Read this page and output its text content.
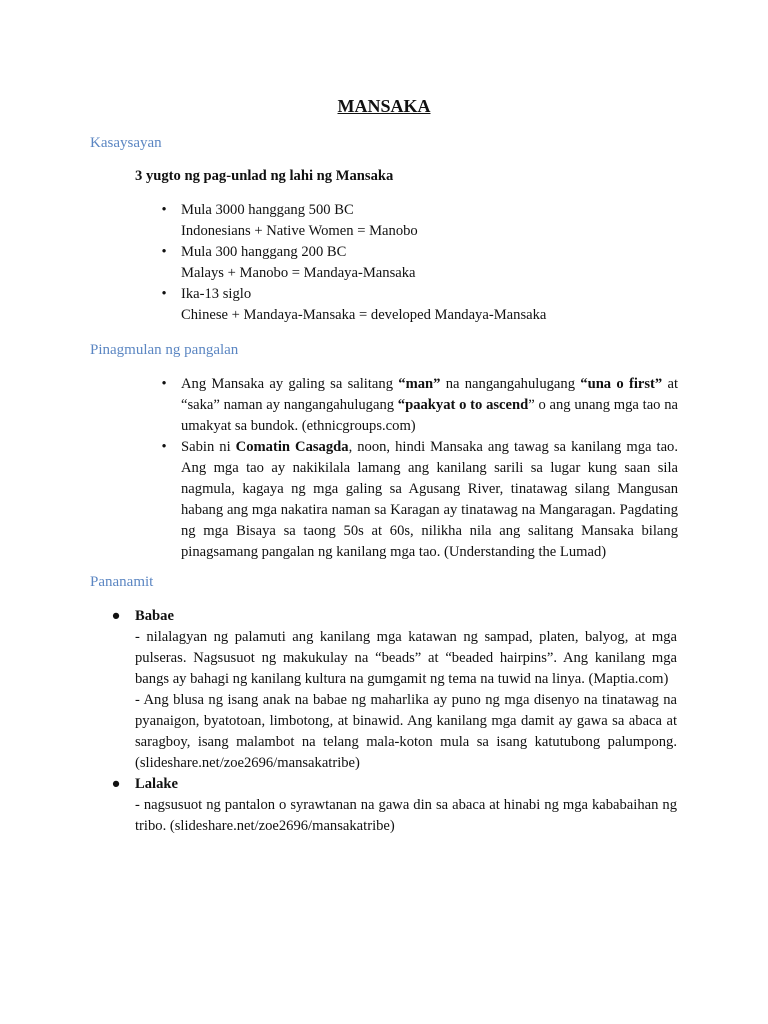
MANSAKA
Kasaysayan
3 yugto ng pag-unlad ng lahi ng Mansaka
• Mula 3000 hanggang 500 BC
Indonesians + Native Women = Manobo
• Mula 300 hanggang 200 BC
Malays + Manobo = Mandaya-Mansaka
• Ika-13 siglo
Chinese + Mandaya-Mansaka = developed Mandaya-Mansaka
Pinagmulan ng pangalan
• Ang Mansaka ay galing sa salitang “man” na nangangahulugang “una o first” at “saka” naman ay nangangahulugang “paakyat o to ascend” o ang unang mga tao na umakyat sa bundok. (ethnicgroups.com)
• Sabin ni Comatin Casagda, noon, hindi Mansaka ang tawag sa kanilang mga tao. Ang mga tao ay nakikilala lamang ang kanilang sarili sa lugar kung saan sila nagmula, kagaya ng mga galing sa Agusang River, tinatawag silang Mangusan habang ang mga nakatira naman sa Karagan ay tinatawag na Mangaragan. Pagdating ng mga Bisaya sa taong 50s at 60s, nilikha nila ang salitang Mansaka bilang pinagsamang pangalan ng kanilang mga tao. (Understanding the Lumad)
Pananamit
● Babae
- nilalagyan ng palamuti ang kanilang mga katawan ng sampad, platen, balyog, at mga pulseras. Nagsusuot ng makukulay na “beads” at “beaded hairpins”. Ang kanilang mga bangs ay bahagi ng kanilang kultura na gumgamit ng tema na tuwid na linya. (Maptia.com)
- Ang blusa ng isang anak na babae ng maharlika ay puno ng mga disenyo na tinatawag na pyanaigon, byatotoan, limbotong, at binawid. Ang kanilang mga damit ay gawa sa abaca at saragboy, isang malambot na telang mala-koton mula sa isang katutubong palumpong. (slideshare.net/zoe2696/mansakatribe)
● Lalake
- nagsusuot ng pantalon o syrawtanan na gawa din sa abaca at hinabi ng mga kababaihan ng tribo. (slideshare.net/zoe2696/mansakatribe)
